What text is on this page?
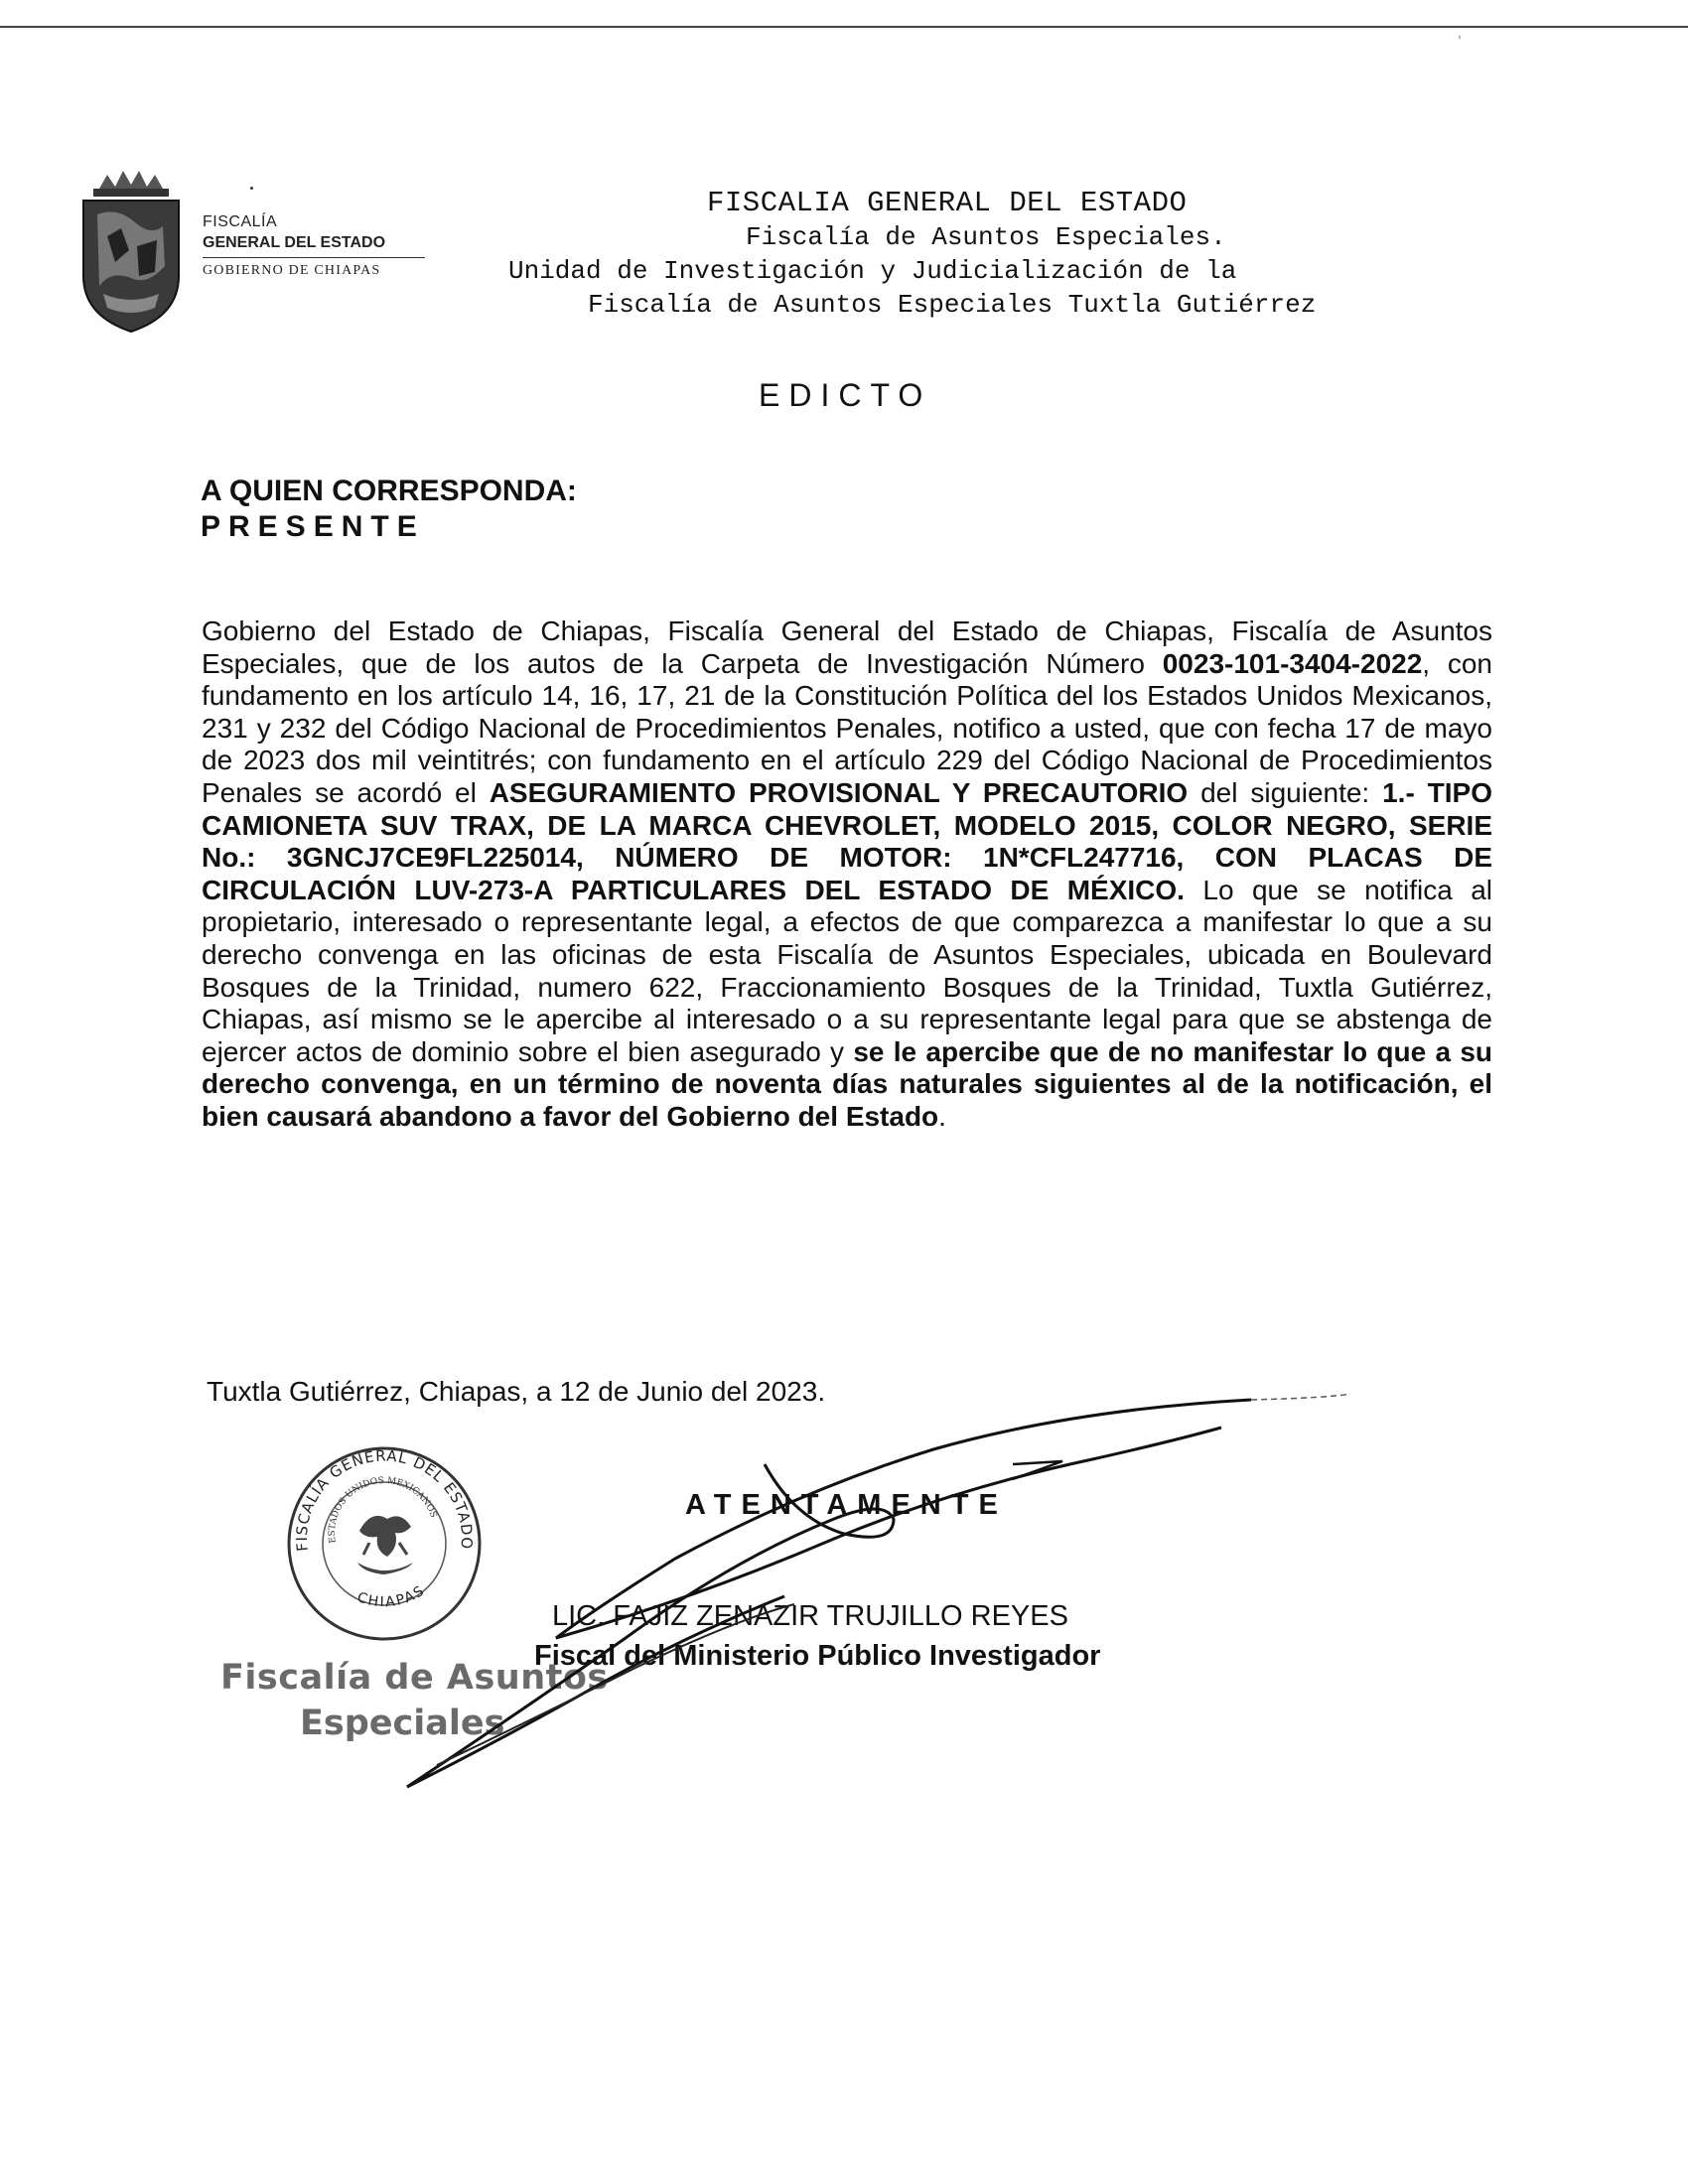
'
FISCALÍA
GENERAL DEL ESTADO
GOBIERNO DE CHIAPAS
FISCALIA GENERAL DEL ESTADO
Fiscalía de Asuntos Especiales.
Unidad de Investigación y Judicialización de la
Fiscalía de Asuntos Especiales Tuxtla Gutiérrez
EDICTO
A QUIEN CORRESPONDA:
PRESENTE
Gobierno del Estado de Chiapas, Fiscalía General del Estado de Chiapas, Fiscalía de Asuntos Especiales, que de los autos de la Carpeta de Investigación Número 0023-101-3404-2022, con fundamento en los artículo 14, 16, 17, 21 de la Constitución Política del los Estados Unidos Mexicanos, 231 y 232 del Código Nacional de Procedimientos Penales, notifico a usted, que con fecha 17 de mayo de 2023 dos mil veintitrés; con fundamento en el artículo 229 del Código Nacional de Procedimientos Penales se acordó el ASEGURAMIENTO PROVISIONAL Y PRECAUTORIO del siguiente: 1.- TIPO CAMIONETA SUV TRAX, DE LA MARCA CHEVROLET, MODELO 2015, COLOR NEGRO, SERIE No.: 3GNCJ7CE9FL225014, NÚMERO DE MOTOR: 1N*CFL247716, CON PLACAS DE CIRCULACIÓN LUV-273-A PARTICULARES DEL ESTADO DE MÉXICO. Lo que se notifica al propietario, interesado o representante legal, a efectos de que comparezca a manifestar lo que a su derecho convenga en las oficinas de esta Fiscalía de Asuntos Especiales, ubicada en Boulevard Bosques de la Trinidad, numero 622, Fraccionamiento Bosques de la Trinidad, Tuxtla Gutiérrez, Chiapas, así mismo se le apercibe al interesado o a su representante legal para que se abstenga de ejercer actos de dominio sobre el bien asegurado y se le apercibe que de no manifestar lo que a su derecho convenga, en un término de noventa días naturales siguientes al de la notificación, el bien causará abandono a favor del Gobierno del Estado.
Tuxtla Gutiérrez, Chiapas, a 12 de Junio del 2023.
FISCALÍA GENERAL DEL ESTADO
ESTADOS UNIDOS MEXICANOS
CHIAPAS
ATENTAMENTE
LIC. FAJIZ ZENAZIR TRUJILLO REYES
Fiscal del Ministerio Público Investigador
Fiscalía de Asuntos
Especiales
